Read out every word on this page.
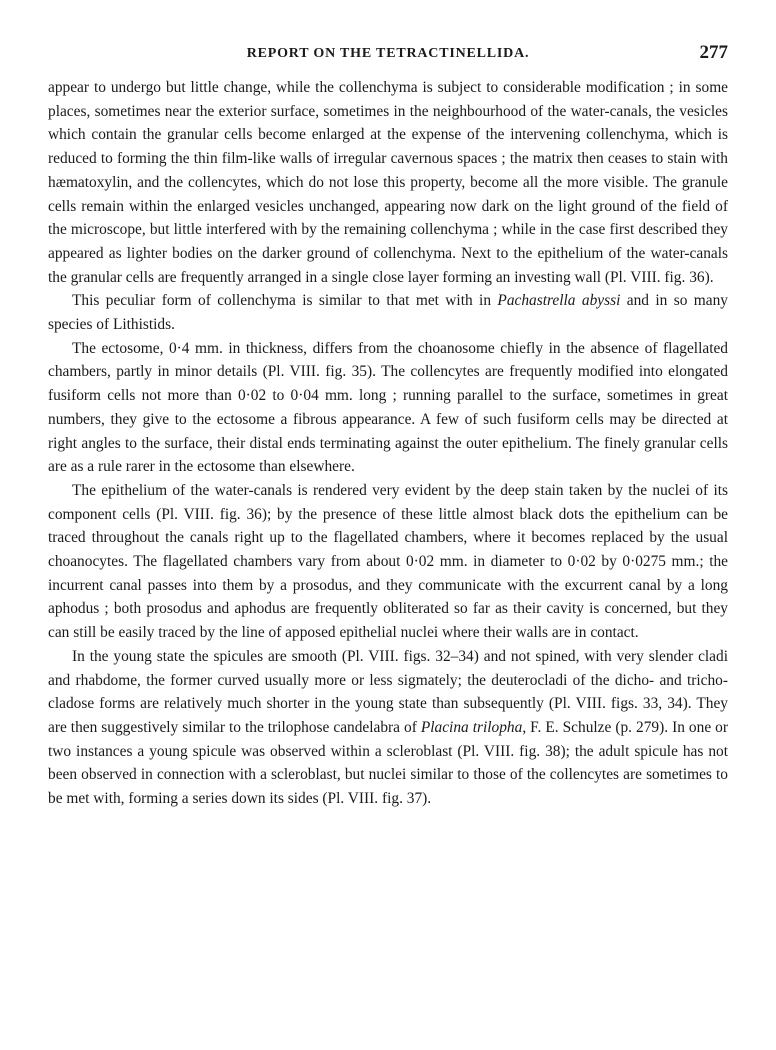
REPORT ON THE TETRACTINELLIDA.	277

appear to undergo but little change, while the collenchyma is subject to considerable modification ; in some places, sometimes near the exterior surface, sometimes in the neighbourhood of the water-canals, the vesicles which contain the granular cells become enlarged at the expense of the intervening collenchyma, which is reduced to forming the thin film-like walls of irregular cavernous spaces ; the matrix then ceases to stain with hæmatoxylin, and the collencytes, which do not lose this property, become all the more visible. The granule cells remain within the enlarged vesicles unchanged, appearing now dark on the light ground of the field of the microscope, but little interfered with by the remaining collenchyma ; while in the case first described they appeared as lighter bodies on the darker ground of collenchyma. Next to the epithelium of the water-canals the granular cells are frequently arranged in a single close layer forming an investing wall (Pl. VIII. fig. 36).

This peculiar form of collenchyma is similar to that met with in Pachastrella abyssi and in so many species of Lithistids.

The ectosome, 0·4 mm. in thickness, differs from the choanosome chiefly in the absence of flagellated chambers, partly in minor details (Pl. VIII. fig. 35). The collencytes are frequently modified into elongated fusiform cells not more than 0·02 to 0·04 mm. long ; running parallel to the surface, sometimes in great numbers, they give to the ectosome a fibrous appearance. A few of such fusiform cells may be directed at right angles to the surface, their distal ends terminating against the outer epithelium. The finely granular cells are as a rule rarer in the ectosome than elsewhere.

The epithelium of the water-canals is rendered very evident by the deep stain taken by the nuclei of its component cells (Pl. VIII. fig. 36); by the presence of these little almost black dots the epithelium can be traced throughout the canals right up to the flagellated chambers, where it becomes replaced by the usual choanocytes. The flagellated chambers vary from about 0·02 mm. in diameter to 0·02 by 0·0275 mm.; the incurrent canal passes into them by a prosodus, and they communicate with the excurrent canal by a long aphodus ; both prosodus and aphodus are frequently obliterated so far as their cavity is concerned, but they can still be easily traced by the line of apposed epithelial nuclei where their walls are in contact.

In the young state the spicules are smooth (Pl. VIII. figs. 32–34) and not spined, with very slender cladi and rhabdome, the former curved usually more or less sigmately; the deuterocladi of the dicho- and tricho-cladose forms are relatively much shorter in the young state than subsequently (Pl. VIII. figs. 33, 34). They are then suggestively similar to the trilophose candelabra of Placina trilopha, F. E. Schulze (p. 279). In one or two instances a young spicule was observed within a scleroblast (Pl. VIII. fig. 38); the adult spicule has not been observed in connection with a scleroblast, but nuclei similar to those of the collencytes are sometimes to be met with, forming a series down its sides (Pl. VIII. fig. 37).
